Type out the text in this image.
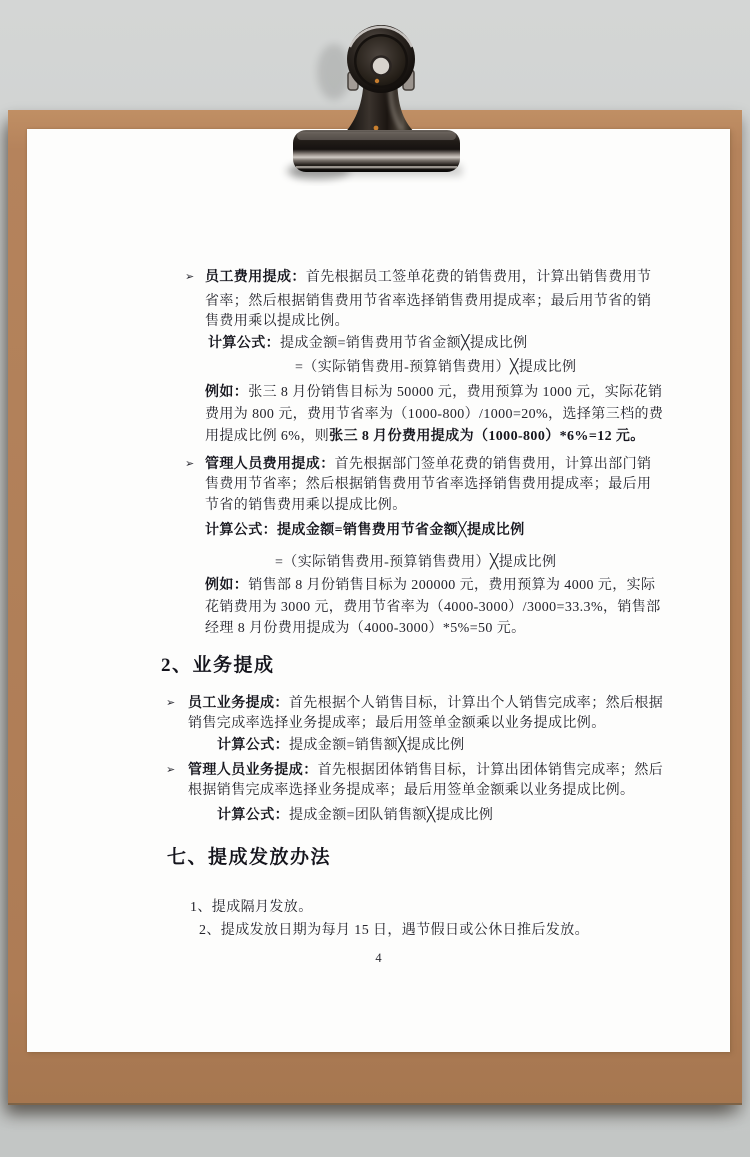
➢ 员工费用提成：首先根据员工签单花费的销售费用，计算出销售费用节
省率；然后根据销售费用节省率选择销售费用提成率；最后用节省的销
售费用乘以提成比例。
计算公式：提成金额=销售费用节省金额╳提成比例
=（实际销售费用-预算销售费用）╳提成比例
例如：张三 8 月份销售目标为 50000 元，费用预算为 1000 元，实际花销
费用为 800 元，费用节省率为（1000-800）/1000=20%，选择第三档的费
用提成比例 6%，则张三 8 月份费用提成为（1000-800）*6%=12 元。
➢ 管理人员费用提成：首先根据部门签单花费的销售费用，计算出部门销
售费用节省率；然后根据销售费用节省率选择销售费用提成率；最后用
节省的销售费用乘以提成比例。
计算公式：提成金额=销售费用节省金额╳提成比例
=（实际销售费用-预算销售费用）╳提成比例
例如：销售部 8 月份销售目标为 200000 元，费用预算为 4000 元，实际
花销费用为 3000 元，费用节省率为（4000-3000）/3000=33.3%，销售部
经理 8 月份费用提成为（4000-3000）*5%=50 元。
2、业务提成
➢ 员工业务提成：首先根据个人销售目标，计算出个人销售完成率；然后根据
销售完成率选择业务提成率；最后用签单金额乘以业务提成比例。
计算公式：提成金额=销售额╳提成比例
➢ 管理人员业务提成：首先根据团体销售目标，计算出团体销售完成率；然后
根据销售完成率选择业务提成率；最后用签单金额乘以业务提成比例。
计算公式：提成金额=团队销售额╳提成比例
七、提成发放办法
1、提成隔月发放。
2、提成发放日期为每月 15 日，遇节假日或公休日推后发放。
4
